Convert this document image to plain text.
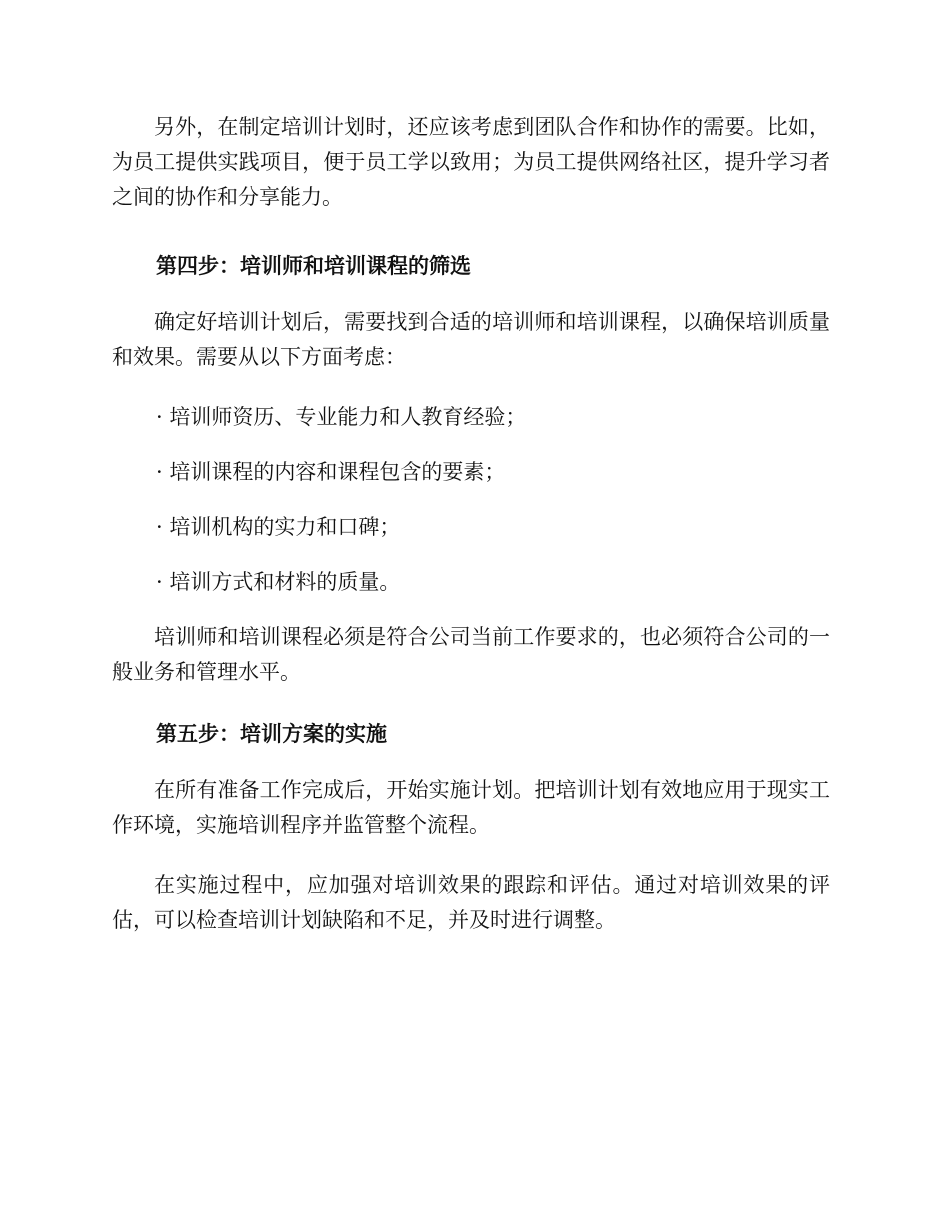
另外，在制定培训计划时，还应该考虑到团队合作和协作的需要。比如，为员工提供实践项目，便于员工学以致用；为员工提供网络社区，提升学习者之间的协作和分享能力。

第四步：培训师和培训课程的筛选

确定好培训计划后，需要找到合适的培训师和培训课程，以确保培训质量和效果。需要从以下方面考虑：

· 培训师资历、专业能力和人教育经验；

· 培训课程的内容和课程包含的要素；

· 培训机构的实力和口碑；

· 培训方式和材料的质量。

培训师和培训课程必须是符合公司当前工作要求的，也必须符合公司的一般业务和管理水平。

第五步：培训方案的实施

在所有准备工作完成后，开始实施计划。把培训计划有效地应用于现实工作环境，实施培训程序并监管整个流程。

在实施过程中，应加强对培训效果的跟踪和评估。通过对培训效果的评估，可以检查培训计划缺陷和不足，并及时进行调整。
